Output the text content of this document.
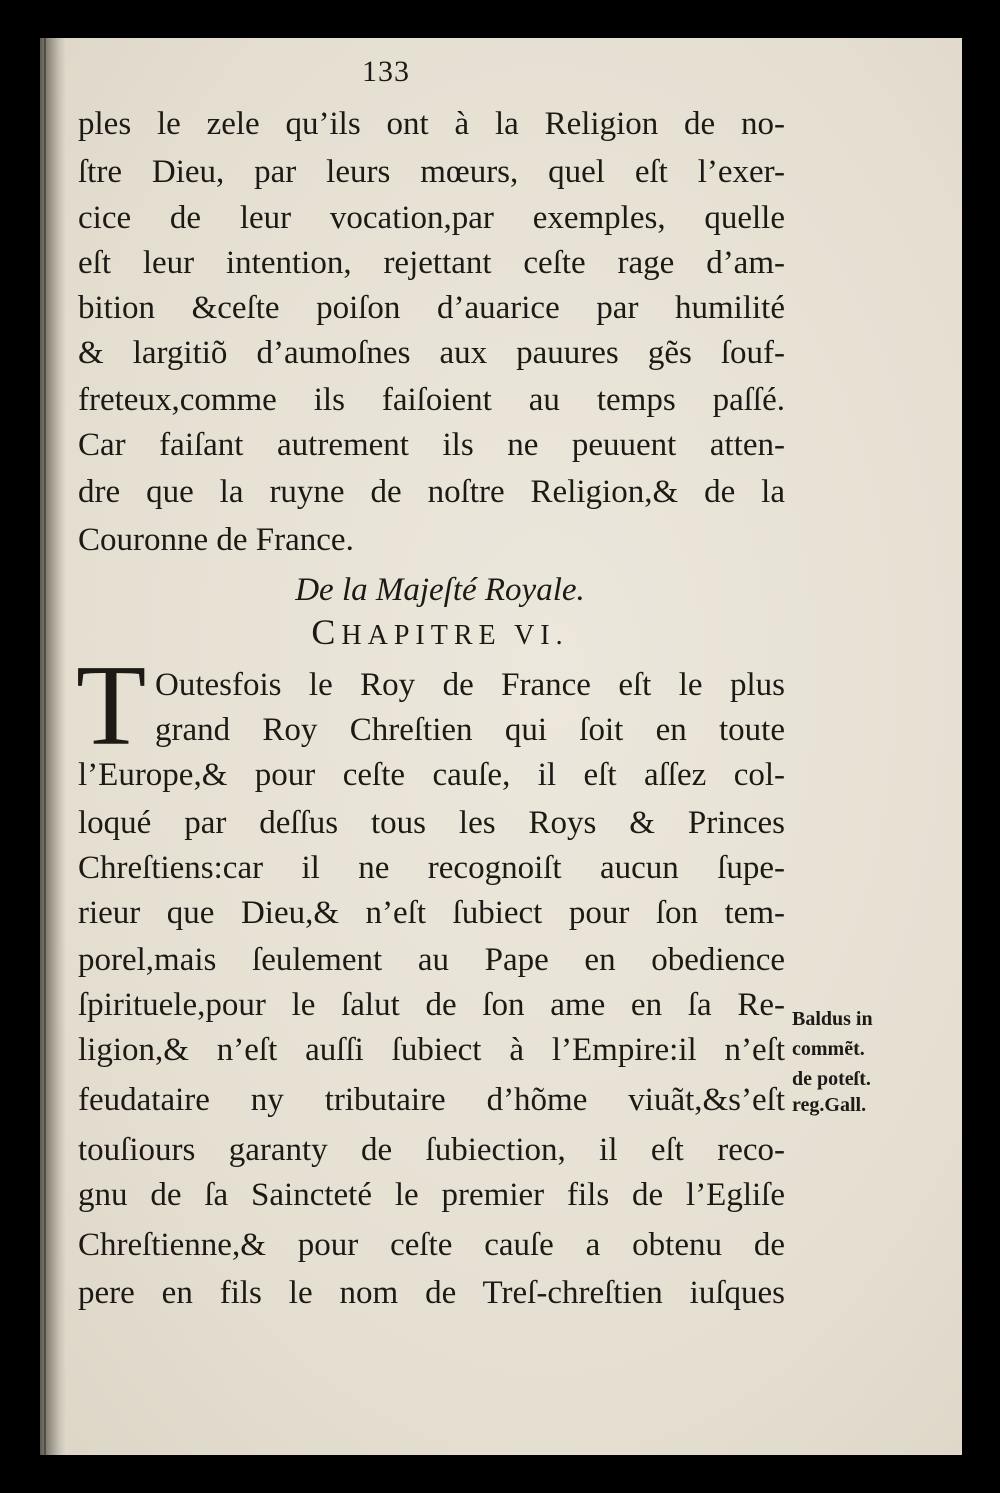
133
ples le zele qu’ils ont à la Religion de no-
ſtre Dieu, par leurs mœurs, quel eſt l’exer-
cice de leur vocation,par exemples, quelle
eſt leur intention, rejettant ceſte rage d’am-
bition &ceſte poiſon d’auarice par humilité
& largitiõ d’aumoſnes aux pauures gẽs ſouf-
freteux,comme ils faiſoient au temps paſſé.
Car faiſant autrement ils ne peuuent atten-
dre que la ruyne de noſtre Religion,& de la
Couronne de France.
De la Majeſté Royale.
CHAPITRE VI.
T Outesfois le Roy de France eſt le plus
grand Roy Chreſtien qui ſoit en toute
l’Europe,& pour ceſte cauſe, il eſt aſſez col-
loqué par deſſus tous les Roys & Princes
Chreſtiens:car il ne recognoiſt aucun ſupe-
rieur que Dieu,& n’eſt ſubiect pour ſon tem-
porel,mais ſeulement au Pape en obedience
ſpirituele,pour le ſalut de ſon ame en ſa Re-
ligion,& n’eſt auſſi ſubiect à l’Empire:il n’eſt
feudataire ny tributaire d’hõme viuãt,&s’eſt
touſiours garanty de ſubiection, il eſt reco-
gnu de ſa Saincteté le premier fils de l’Egliſe
Chreſtienne,& pour ceſte cauſe a obtenu de
pere en fils le nom de Treſ-chreſtien iuſques
Baldus in
commẽt.
de poteſt.
reg.Gall.
